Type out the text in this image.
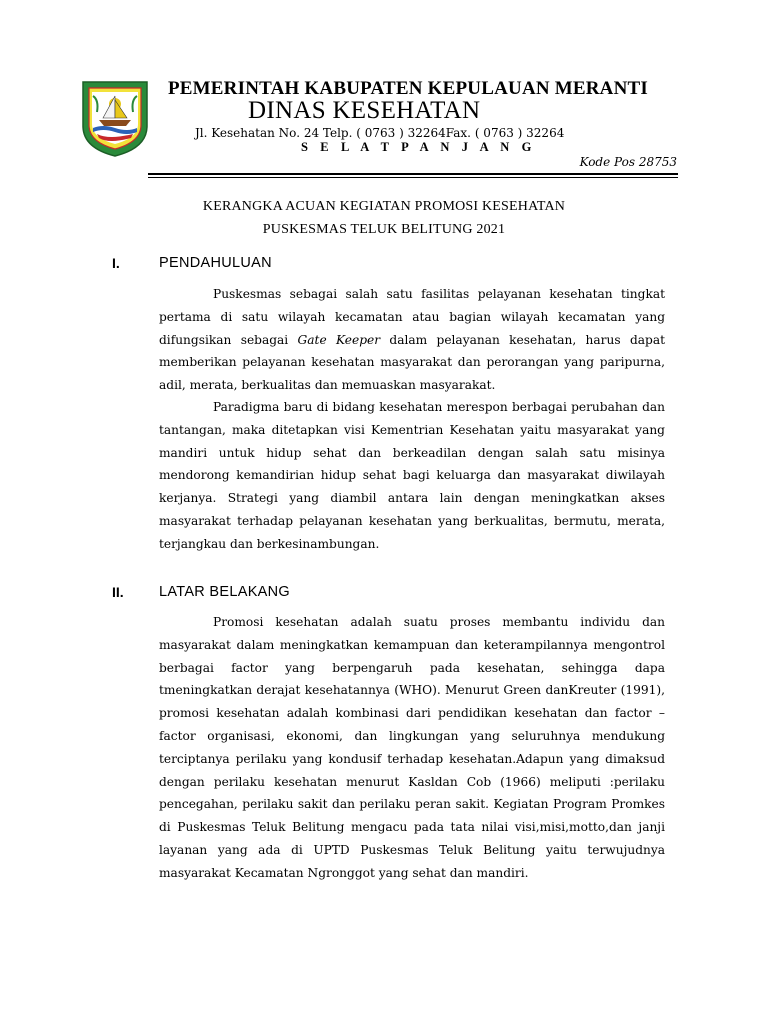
PEMERINTAH KABUPATEN KEPULAUAN MERANTI
DINAS KESEHATAN
Jl. Kesehatan No. 24 Telp. ( 0763 ) 32264Fax. ( 0763 ) 32264
S E L A T P A N J A N G
Kode Pos 28753
KERANGKA ACUAN KEGIATAN PROMOSI KESEHATAN
PUSKESMAS TELUK BELITUNG 2021
I.	PENDAHULUAN

Puskesmas sebagai salah satu fasilitas pelayanan kesehatan tingkat pertama di satu wilayah kecamatan atau bagian wilayah kecamatan yang difungsikan sebagai Gate Keeper dalam pelayanan kesehatan, harus dapat memberikan pelayanan kesehatan masyarakat dan perorangan yang paripurna, adil, merata, berkualitas dan memuaskan masyarakat.

Paradigma baru di bidang kesehatan merespon berbagai perubahan dan tantangan, maka ditetapkan visi Kementrian Kesehatan yaitu masyarakat yang mandiri untuk hidup sehat dan berkeadilan dengan salah satu misinya mendorong kemandirian hidup sehat bagi keluarga dan masyarakat diwilayah kerjanya. Strategi yang diambil antara lain dengan meningkatkan akses masyarakat terhadap pelayanan kesehatan yang berkualitas, bermutu, merata, terjangkau dan berkesinambungan.

II. LATAR BELAKANG

Promosi kesehatan adalah suatu proses membantu individu dan masyarakat dalam meningkatkan kemampuan dan keterampilannya mengontrol berbagai factor yang berpengaruh pada kesehatan, sehingga dapa tmeningkatkan derajat kesehatannya (WHO). Menurut Green danKreuter (1991), promosi kesehatan adalah kombinasi dari pendidikan kesehatan dan factor – factor organisasi, ekonomi, dan lingkungan yang seluruhnya mendukung terciptanya perilaku yang kondusif terhadap kesehatan.Adapun yang dimaksud dengan perilaku kesehatan menurut Kasldan Cob (1966) meliputi :perilaku pencegahan, perilaku sakit dan perilaku peran sakit. Kegiatan Program Promkes di Puskesmas Teluk Belitung mengacu pada tata nilai visi,misi,motto,dan janji layanan yang ada di UPTD Puskesmas Teluk Belitung yaitu terwujudnya masyarakat Kecamatan Ngronggot yang sehat dan mandiri.
